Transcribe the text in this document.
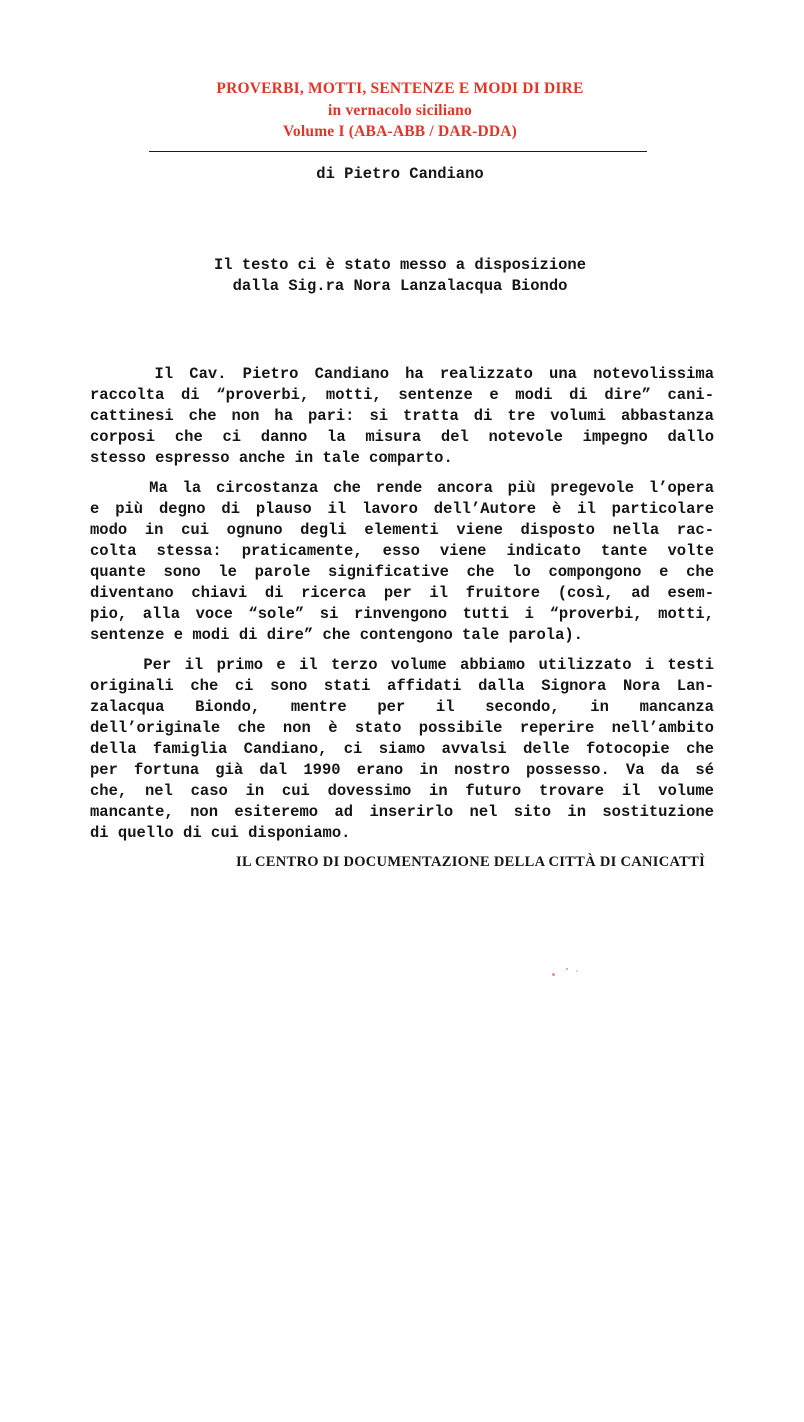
PROVERBI, MOTTI, SENTENZE E MODI DI DIRE
in vernacolo siciliano
Volume I (ABA-ABB / DAR-DDA)
di Pietro Candiano
Il testo ci è stato messo a disposizione
dalla Sig.ra Nora Lanzalacqua Biondo
Il Cav. Pietro Candiano ha realizzato una notevolissima
raccolta di “proverbi, motti, sentenze e modi di dire” cani-
cattinesi che non ha pari: si tratta di tre volumi abbastanza
corposi che ci danno la misura del notevole impegno dallo
stesso espresso anche in tale comparto.
Ma la circostanza che rende ancora più pregevole l’opera
e più degno di plauso il lavoro dell’Autore è il particolare
modo in cui ognuno degli elementi viene disposto nella rac-
colta stessa: praticamente, esso viene indicato tante volte
quante sono le parole significative che lo compongono e che
diventano chiavi di ricerca per il fruitore (così, ad esem-
pio, alla voce “sole” si rinvengono tutti i “proverbi, motti,
sentenze e modi di dire” che contengono tale parola).
Per il primo e il terzo volume abbiamo utilizzato i testi
originali che ci sono stati affidati dalla Signora Nora Lan-
zalacqua Biondo, mentre per il secondo, in mancanza
dell’originale che non è stato possibile reperire nell’ambito
della famiglia Candiano, ci siamo avvalsi delle fotocopie che
per fortuna già dal 1990 erano in nostro possesso. Va da sé
che, nel caso in cui dovessimo in futuro trovare il volume
mancante, non esiteremo ad inserirlo nel sito in sostituzione
di quello di cui disponiamo.
IL CENTRO DI DOCUMENTAZIONE DELLA CITTÀ DI CANICATTÌ
